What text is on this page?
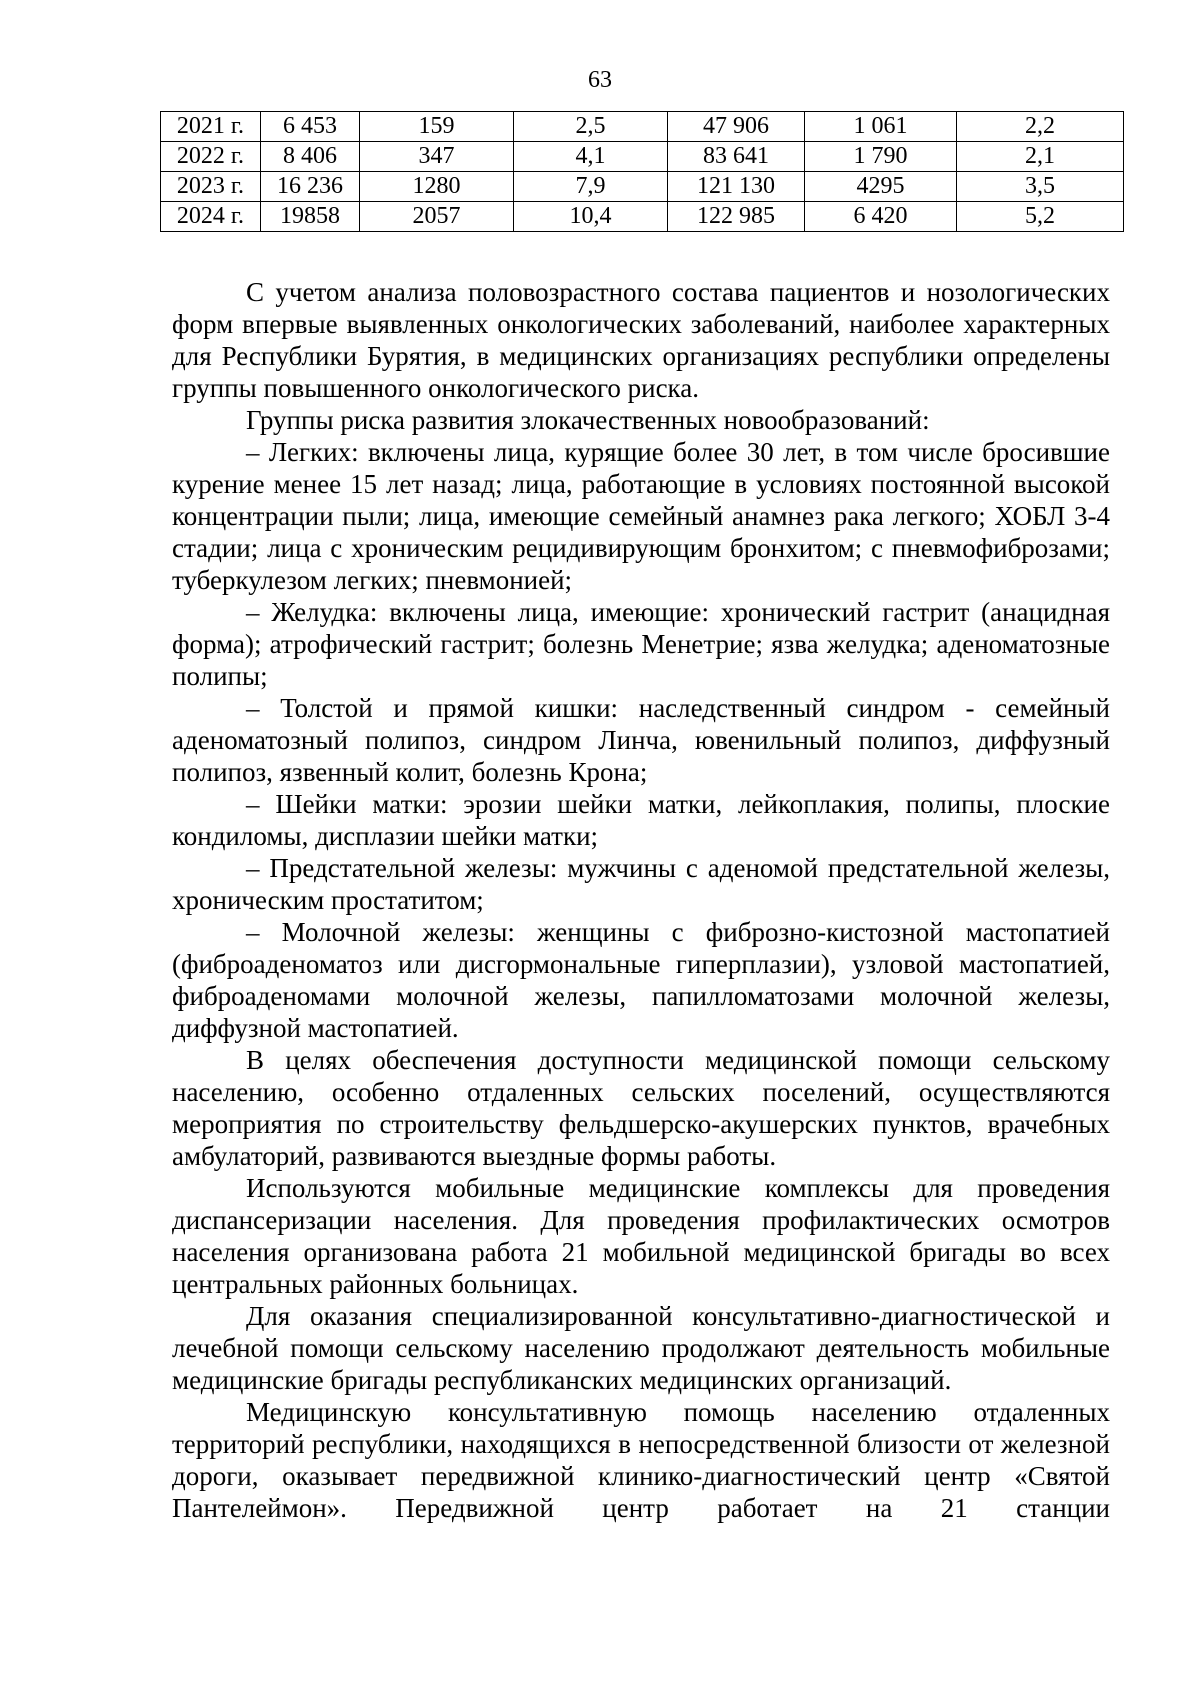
63
2021 г.	6 453	159	2,5	47 906	1 061	2,2
2022 г.	8 406	347	4,1	83 641	1 790	2,1
2023 г.	16 236	1280	7,9	121 130	4295	3,5
2024 г.	19858	2057	10,4	122 985	6 420	5,2

С учетом анализа половозрастного состава пациентов и нозологических форм впервые выявленных онкологических заболеваний, наиболее характерных для Республики Бурятия, в медицинских организациях республики определены группы повышенного онкологического риска.

Группы риска развития злокачественных новообразований:

– Легких: включены лица, курящие более 30 лет, в том числе бросившие курение менее 15 лет назад; лица, работающие в условиях постоянной высокой концентрации пыли; лица, имеющие семейный анамнез рака легкого; ХОБЛ 3-4 стадии; лица с хроническим рецидивирующим бронхитом; с пневмофиброзами; туберкулезом легких; пневмонией;

– Желудка: включены лица, имеющие: хронический гастрит (анацидная форма); атрофический гастрит; болезнь Менетрие; язва желудка; аденоматозные полипы;

– Толстой и прямой кишки: наследственный синдром - семейный аденоматозный полипоз, синдром Линча, ювенильный полипоз, диффузный полипоз, язвенный колит, болезнь Крона;

– Шейки матки: эрозии шейки матки, лейкоплакия, полипы, плоские кондиломы, дисплазии шейки матки;

– Предстательной железы: мужчины с аденомой предстательной железы, хроническим простатитом;

– Молочной железы: женщины с фиброзно-кистозной мастопатией (фиброаденоматоз или дисгормональные гиперплазии), узловой мастопатией, фиброаденомами молочной железы, папилломатозами молочной железы, диффузной мастопатией.

В целях обеспечения доступности медицинской помощи сельскому населению, особенно отдаленных сельских поселений, осуществляются мероприятия по строительству фельдшерско-акушерских пунктов, врачебных амбулаторий, развиваются выездные формы работы.

Используются мобильные медицинские комплексы для проведения диспансеризации населения. Для проведения профилактических осмотров населения организована работа 21 мобильной медицинской бригады во всех центральных районных больницах.

Для оказания специализированной консультативно-диагностической и лечебной помощи сельскому населению продолжают деятельность мобильные медицинские бригады республиканских медицинских организаций.

Медицинскую консультативную помощь населению отдаленных территорий республики, находящихся в непосредственной близости от железной дороги, оказывает передвижной клинико-диагностический центр «Святой Пантелеймон». Передвижной центр работает на 21 станции
